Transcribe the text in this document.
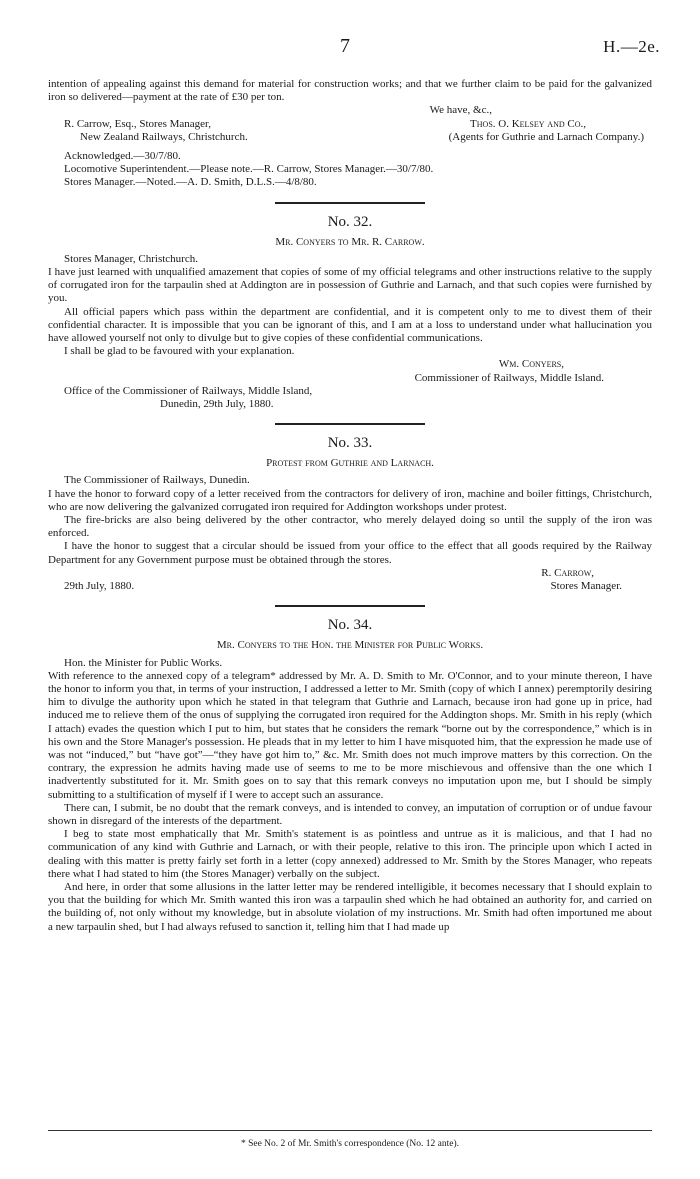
7	H.—2e.

intention of appealing against this demand for material for construction works; and that we further claim to be paid for the galvanized iron so delivered—payment at the rate of £30 per ton.

We have, &c.,
R. Carrow, Esq., Stores Manager,	Thos. O. Kelsey and Co.,
New Zealand Railways, Christchurch.	(Agents for Guthrie and Larnach Company.)
Acknowledged.—30/7/80.
Locomotive Superintendent.—Please note.—R. Carrow, Stores Manager.—30/7/80.
Stores Manager.—Noted.—A. D. Smith, D.L.S.—4/8/80.
No. 32.
Mr. Conyers to Mr. R. Carrow.
Stores Manager, Christchurch.

I have just learned with unqualified amazement that copies of some of my official telegrams and other instructions relative to the supply of corrugated iron for the tarpaulin shed at Addington are in possession of Guthrie and Larnach, and that such copies were furnished by you.

All official papers which pass within the department are confidential, and it is competent only to me to divest them of their confidential character. It is impossible that you can be ignorant of this, and I am at a loss to understand under what hallucination you have allowed yourself not only to divulge but to give copies of these confidential communications.

I shall be glad to be favoured with your explanation.

Wm. Conyers,
Commissioner of Railways, Middle Island.
Office of the Commissioner of Railways, Middle Island,
Dunedin, 29th July, 1880.
No. 33.
Protest from Guthrie and Larnach.
The Commissioner of Railways, Dunedin.

I have the honor to forward copy of a letter received from the contractors for delivery of iron, machine and boiler fittings, Christchurch, who are now delivering the galvanized corrugated iron required for Addington workshops under protest.

The fire-bricks are also being delivered by the other contractor, who merely delayed doing so until the supply of the iron was enforced.

I have the honor to suggest that a circular should be issued from your office to the effect that all goods required by the Railway Department for any Government purpose must be obtained through the stores.

R. Carrow,
29th July, 1880.	Stores Manager.
No. 34.
Mr. Conyers to the Hon. the Minister for Public Works.
Hon. the Minister for Public Works.

With reference to the annexed copy of a telegram* addressed by Mr. A. D. Smith to Mr. O'Connor, and to your minute thereon, I have the honor to inform you that, in terms of your instruction, I addressed a letter to Mr. Smith (copy of which I annex) peremptorily desiring him to divulge the authority upon which he stated in that telegram that Guthrie and Larnach, because iron had gone up in price, had induced me to relieve them of the onus of supplying the corrugated iron required for the Addington shops. Mr. Smith in his reply (which I attach) evades the question which I put to him, but states that he considers the remark “borne out by the correspondence,” which is in his own and the Store Manager's possession. He pleads that in my letter to him I have misquoted him, that the expression he made use of was not “induced,” but “have got”—“they have got him to,” &c. Mr. Smith does not much improve matters by this correction. On the contrary, the expression he admits having made use of seems to me to be more mischievous and offensive than the one which I inadvertently substituted for it. Mr. Smith goes on to say that this remark conveys no imputation upon me, but I should be simply submitting to a stultification of myself if I were to accept such an assurance.

There can, I submit, be no doubt that the remark conveys, and is intended to convey, an imputation of corruption or of undue favour shown in disregard of the interests of the department.

I beg to state most emphatically that Mr. Smith's statement is as pointless and untrue as it is malicious, and that I had no communication of any kind with Guthrie and Larnach, or with their people, relative to this iron. The principle upon which I acted in dealing with this matter is pretty fairly set forth in a letter (copy annexed) addressed to Mr. Smith by the Stores Manager, who repeats there what I had stated to him (the Stores Manager) verbally on the subject.

And here, in order that some allusions in the latter letter may be rendered intelligible, it becomes necessary that I should explain to you that the building for which Mr. Smith wanted this iron was a tarpaulin shed which he had obtained an authority for, and carried on the building of, not only without my knowledge, but in absolute violation of my instructions. Mr. Smith had often importuned me about a new tarpaulin shed, but I had always refused to sanction it, telling him that I had made up

* See No. 2 of Mr. Smith's correspondence (No. 12 ante).
